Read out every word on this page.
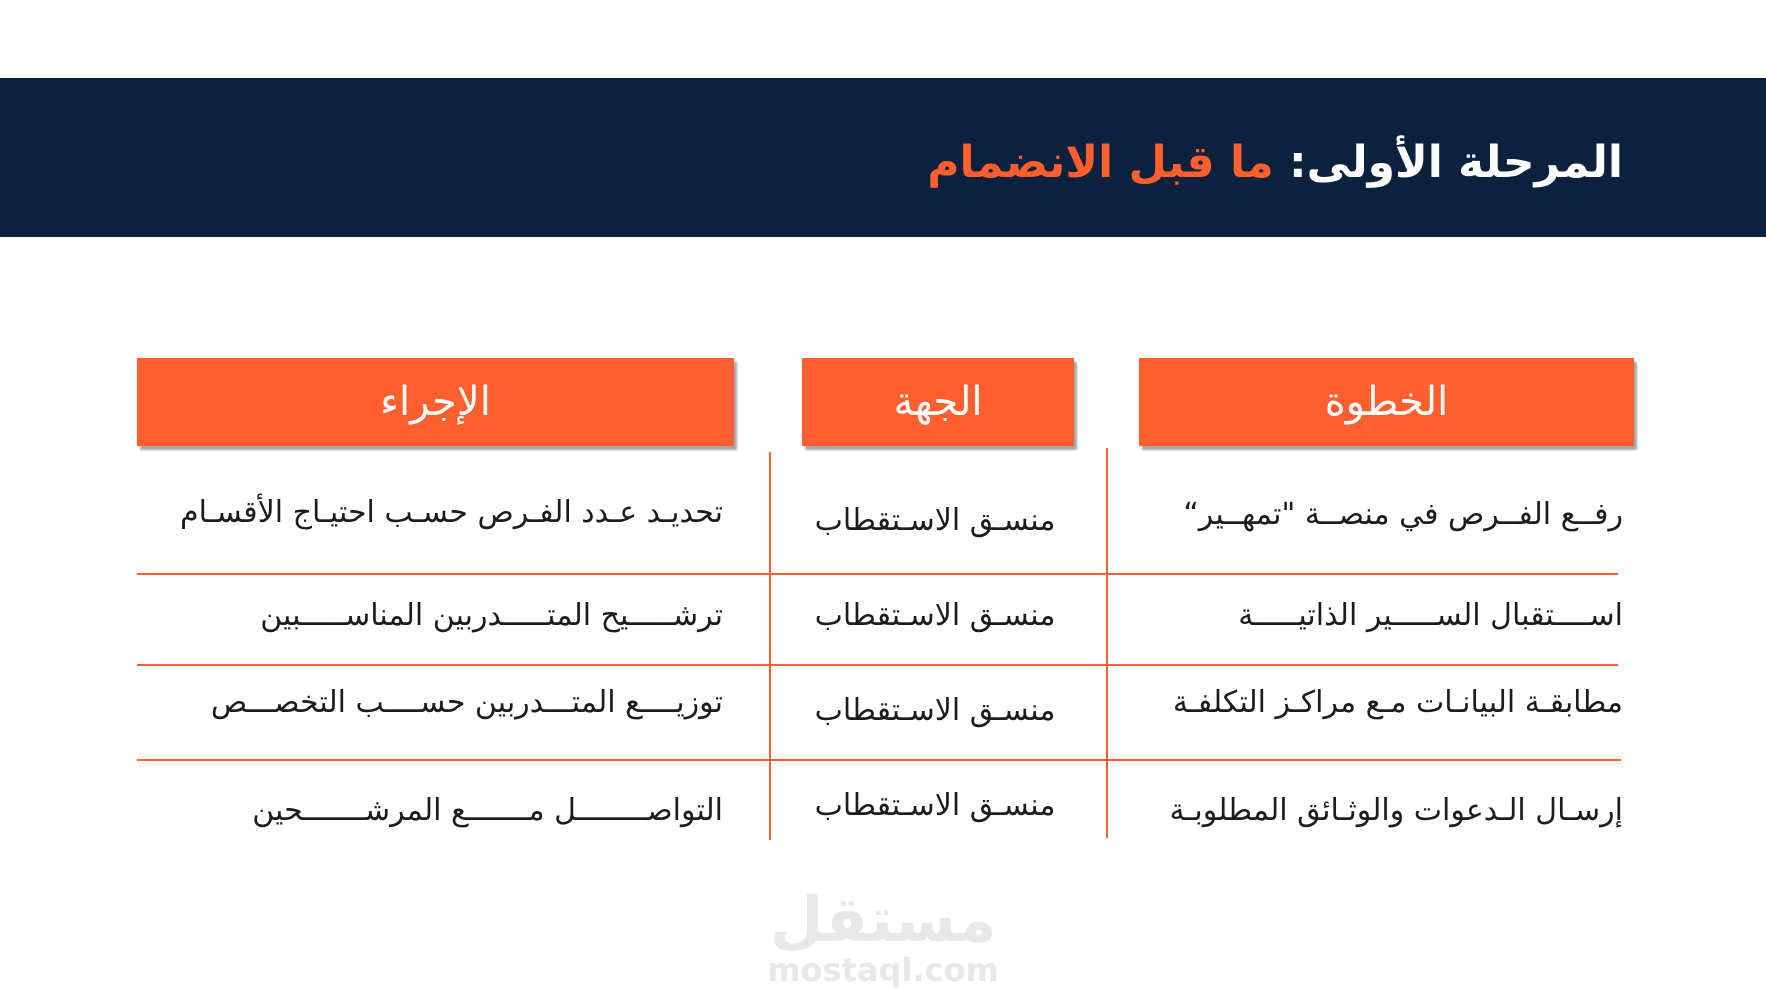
المرحلة الأولى: ما قبل الانضمام
الخطوة
الجهة
الإجراء
رفــع الفــرص في منصــة "تمهــير“
منسـق الاسـتقطاب
تحديـد عـدد الفـرص حسـب احتيـاج الأقسـام
اســــتقبال الســـــير الذاتيـــــة
منسـق الاسـتقطاب
ترشـــــيح المتـــــدربين المناســـــبين
مطابقـة البيانـات مـع مراكـز التكلفـة
منسـق الاسـتقطاب
توزيــــع المتـــدربين حســــب التخصـــص
إرسـال الـدعوات والوثـائق المطلوبـة
منسـق الاسـتقطاب
التواصــــــــل مـــــــع المرشـــــــحين
مستقل
mostaql.com
